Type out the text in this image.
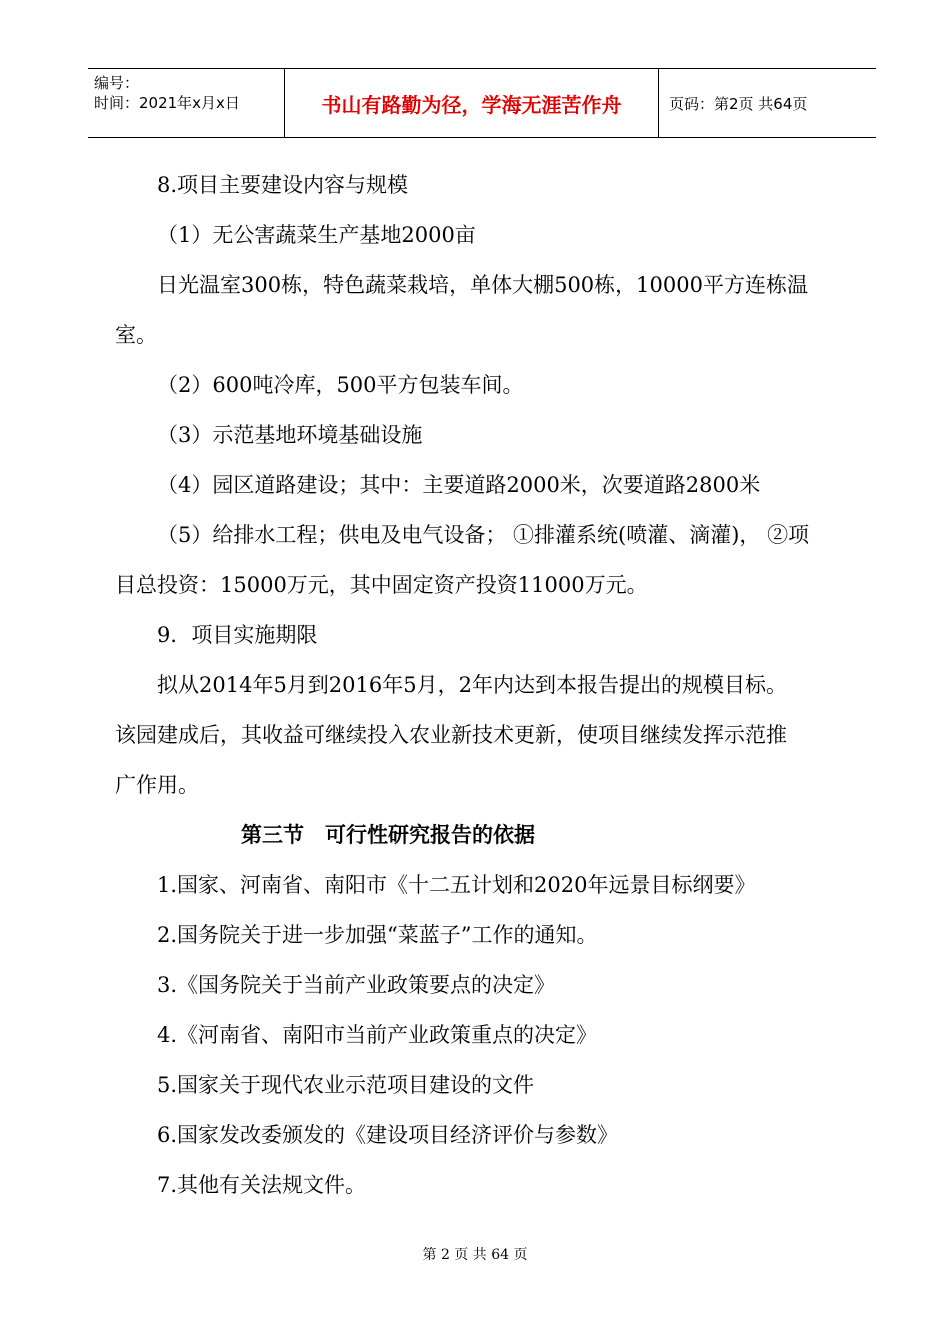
编号：
时间：2021年x月x日	书山有路勤为径，学海无涯苦作舟	页码：第2页 共64页

8.项目主要建设内容与规模

（1）无公害蔬菜生产基地2000亩

日光温室300栋，特色蔬菜栽培，单体大棚500栋，10000平方连栋温

室。

（2）600吨冷库，500平方包装车间。

（3）示范基地环境基础设施

（4）园区道路建设；其中：主要道路2000米，次要道路2800米

（5）给排水工程；供电及电气设备； ①排灌系统(喷灌、滴灌)， ②项

目总投资：15000万元，其中固定资产投资11000万元。

9．项目实施期限

拟从2014年5月到2016年5月，2年内达到本报告提出的规模目标。

该园建成后，其收益可继续投入农业新技术更新，使项目继续发挥示范推

广作用。

第三节　可行性研究报告的依据

1.国家、河南省、南阳市《十二五计划和2020年远景目标纲要》

2.国务院关于进一步加强“菜蓝子”工作的通知。

3.《国务院关于当前产业政策要点的决定》

4.《河南省、南阳市当前产业政策重点的决定》

5.国家关于现代农业示范项目建设的文件

6.国家发改委颁发的《建设项目经济评价与参数》

7.其他有关法规文件。

第 2 页 共 64 页
